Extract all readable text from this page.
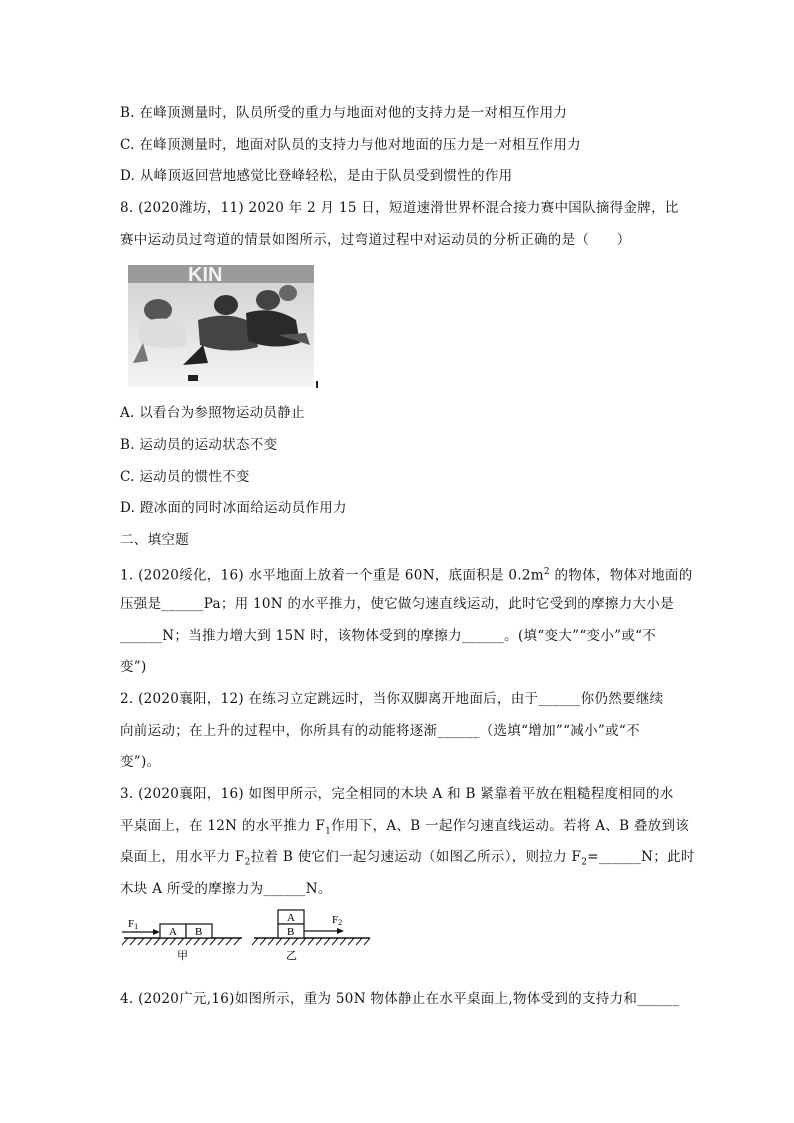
B. 在峰顶测量时，队员所受的重力与地面对他的支持力是一对相互作用力
C. 在峰顶测量时，地面对队员的支持力与他对地面的压力是一对相互作用力
D. 从峰顶返回营地感觉比登峰轻松，是由于队员受到惯性的作用
8. (2020潍坊，11) 2020 年 2 月 15 日，短道速滑世界杯混合接力赛中国队摘得金牌，比
赛中运动员过弯道的情景如图所示，过弯道过程中对运动员的分析正确的是（　　）
KIN
A. 以看台为参照物运动员静止
B. 运动员的运动状态不变
C. 运动员的惯性不变
D. 蹬冰面的同时冰面给运动员作用力
二、填空题
1. (2020绥化，16) 水平地面上放着一个重是 60N，底面积是 $0.2m^2$ 的物体，物体对地面的
压强是______Pa；用 10N 的水平推力，使它做匀速直线运动，此时它受到的摩擦力大小是
______N；当推力增大到 15N 时，该物体受到的摩擦力______。(填“变大”“变小”或“不
变”)
2. (2020襄阳，12) 在练习立定跳远时，当你双脚离开地面后，由于______你仍然要继续
向前运动；在上升的过程中，你所具有的动能将逐渐______（选填“增加”“减小”或“不
变”)。
3. (2020襄阳，16) 如图甲所示，完全相同的木块 A 和 B 紧靠着平放在粗糙程度相同的水
平桌面上，在 12N 的水平推力 $F_1$作用下，A、B 一起作匀速直线运动。若将 A、B 叠放到该
桌面上，用水平力 $F_2$拉着 B 使它们一起匀速运动（如图乙所示），则拉力 $F_2=\_\_\_\_\_\_N$；此时
木块 A 所受的摩擦力为______N。
F1	A B
甲
A
B
F2
乙
4. (2020广元,16)如图所示，重为 50N 物体静止在水平桌面上,物体受到的支持力和______
